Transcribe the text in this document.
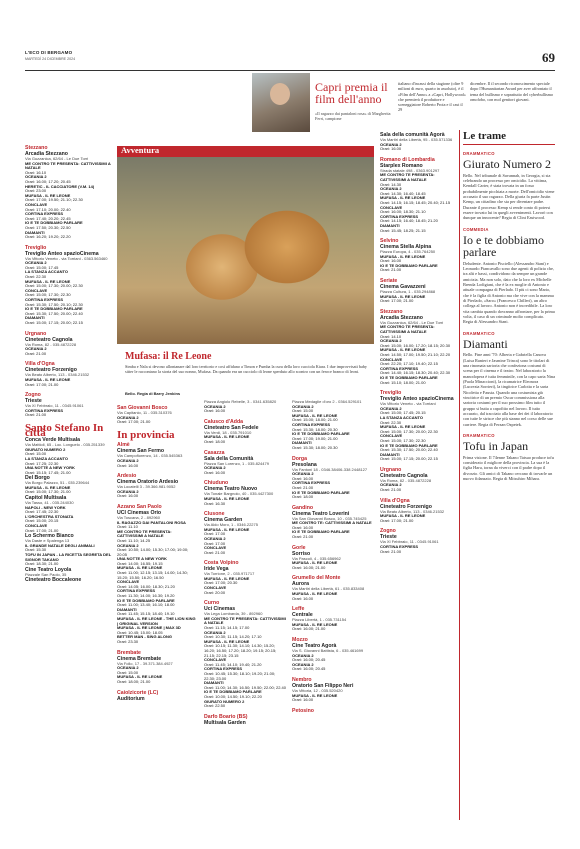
L'ECO DI BERGAMO
MARTEDÌ 24 DICEMBRE 2024	69
Capri premia il film dell'anno
«Il ragazzo dai pantaloni rosa» di Margherita Ferri, campione
italiano d'incassi della stagione (oltre 9 milioni di euro, quarto in assoluto), è il «Film dell'Anno» a «Capri, Hollywood» che premierà il produttore e sceneggiatore Roberto Proia e il cast il 29
dicembre. Il il secondo riconoscimento speciale dopo l'Humanitarian Award per aver affrontato il tema del bullismo e soprattutto del cyberbullismo omofobo, con mol genitori giovani.
Stezzano
Arcadia Stezzano
Via Guzzanica, 62/64 - Le Due Torri
ME CONTRO TE PRESENTA: CATTIVISSIMI A NATALE
Orari: 16.10
OCEANIA 2
Orari: 16.00; 17.20; 20.45
HERETIC - IL CACCIATORE (V.M. 14)
Orari: 23.00
MUFASA - IL RE LEONE
Orari: 17.00; 19.50; 21.10; 22.30
CONCLAVE
Orari: 17.10; 20.00; 22.40
CORTINA EXPRESS
Orari: 17.40; 20.20; 22.45
IO E TE DOBBIAMO PARLARE
Orari: 17.50; 20.30; 22.50
DIAMANTI
Orari: 16.20; 19.20; 22.20
Treviglio
Treviglio Anteo spazioCinema
Via Vittorio Veneto - via Torriani - 0363.563460
OCEANIA 2
Orari: 15.00; 17.45
LA STANZA ACCANTO
Orari: 22.30
MUFASA - IL RE LEONE
Orari: 15.00; 17.30; 20.00; 22.30
CONCLAVE
Orari: 15.00; 17.30; 22.30
CORTINA EXPRESS
Orari: 15.30; 17.50; 20.10; 22.30
IO E TE DOBBIAMO PARLARE
Orari: 15.30; 17.50; 20.00; 22.40
DIAMANTI
Orari: 15.00; 17.15; 20.00; 22.15
Urgnano
Cineteatro Cagnola
Via Roma, 82 - 035.4872228
OCEANIA 2
Orari: 21.00
Villa d'Ogna
Cineteatro Forzenigo
Via Beato Alberto, 113 - 0346.21532
MUFASA - IL RE LEONE
Orari: 17.00; 21.00
Zogno
Trieste
Via XI Febbraio, 11 - 0345.91061
CORTINA EXPRESS
Orari: 21.00
Santo Stefano In città
Conca Verde Multisala
Via Mattioli, 65 - Loc. Longuelo - 035.251339
GIURATO NUMERO 2
Orari: 15.00
LA STANZA ACCANTO
Orari: 17.25; 22.30
UNA NOTTE A NEW YORK
Orari: 15.15; 17.45; 21.00
Del Borgo
Via Borgo Palazzo, 51 - 035.239644
MUFASA - IL RE LEONE
Orari: 15.00; 17.30; 21.00
Capitol Multisala
Via Tasso, 41 - 035.244030
NAPOLI - NEW YORK
Orari: 17.45; 22.30
L'ORCHESTRA STONATA
Orari: 15.00; 20.15
CONCLAVE
Orari: 17.00; 21.00
Lo Schermo Bianco
Via Daste e Spalenga 13
IL GRANDE NATALE DEGLI ANIMALI
Orari: 15.30
TOFU IN JAPAN - LA RICETTA SEGRETA DEL SIGNOR TAKANO
Orari: 18.30; 21.00
Cine Teatro Loyola
Piazzale San Paolo, 35
Cineteatro Boccaleone
Avventura
Mufasa: il Re Leone
Simba e Nala si devono allontanare dal loro territorio e così affidano a Timon e Pumba la cura della loro cucciola Kiara. I due improvvisati baby sitter le raccontano la storia del suo nonno, Mufasa. Da quando era un cucciolo di leone sperduto allo scontro con un feroce branco di leoni.
Bello. Regia di Barry Jenkins
San Giovanni Bosco
Via Capitanio, 11 - 035.310376
OCEANIA 2
Orari: 17.00; 21.00
In provincia
Almè
Cinema San Fermo
Via Campofiorenzo, 14 - 035.545363
OCEANIA 2
Orari: 16.00
Ardesio
Cinema Oratorio Ardesio
Via Locatelli 3 - 39.366.981.9052
OCEANIA 2
Orari: 16.00
Azzano San Paolo
UCI Cinemas Orio
Via Toscana, 2 - 892960
IL RAGAZZO DAI PANTALONI ROSA
Orari: 11.10
ME CONTRO TE PRESENTA: CATTIVISSIMI A NATALE
Orari: 11.10; 14.25
OCEANIA 2
Orari: 10.50; 14.00; 15.30; 17.00; 19.00; 20.05
UNA NOTTE A NEW YORK
Orari: 14.00; 16.55; 19.15
MUFASA - IL RE LEONE
Orari: 11.00; 12.15; 13.15; 14.00; 14.30; 15.20; 15.50; 16.20; 16.50
CONCLAVE
Orari: 14.05; 16.00; 18.30; 21.20
CORTINA EXPRESS
Orari: 11.30; 14.00; 16.30; 19.20
IO E TE DOBBIAMO PARLARE
Orari: 11.00; 13.40; 16.10; 18.00
DIAMANTI
Orari: 11.45; 15.15; 18.40; 19.10
MUFASA - IL RE LEONE - THE LION KING | ORIGINAL VERSION
MUFASA - IL RE LEONE | MAX 3D
Orari: 10.45; 15.00; 18.05
BETTER MAN - SING ALONG
Orari: 23.30
Brembate
Cinema Brembate
Via Follo, 17 - 39.371.384.4927
OCEANIA 2
Orari: 15.00
MUFASA - IL RE LEONE
Orari: 18.00; 21.00
Caiolzicorte (LC)
Auditorium
Piazza Angiolo Rebelle, 3 - 0341.635820
OCEANIA 2
Orari: 16.00
Calusco d'Adda
Cineteatro San Fedele
Via Verdi, 18 - 035.791010
MUFASA - IL RE LEONE
Orari: 18.00
Casazza
Sala della Comunità
Piazza San Lorenzo, 1 - 035.824479
OCEANIA 2
Orari: 16.00
Chiuduno
Cinema Teatro Nuovo
Via Tonale Bargnolo, 40 - 035.4427300
MUFASA - IL RE LEONE
Orari: 16.30
Clusone
Cinema Garden
Via Aldo Moro, 1 - 0346.22275
MUFASA - IL RE LEONE
Orari: 17.00
OCEANIA 2
Orari: 17.00
CONCLAVE
Orari: 21.00
Costa Volpino
Iride Vega
Via Torrione, 2 - 035.971717
MUFASA - IL RE LEONE
Orari: 17.00; 20.30
CONCLAVE
Orari: 20.00
Curno
Uci Cinemas
Via Lega Lombarda, 39 - 892960
ME CONTRO TE PRESENTA: CATTIVISSIMI A NATALE
Orari: 11.15; 14.15; 17.00
OCEANIA 2
Orari: 10.30; 11.15; 14.20; 17.10
MUFASA - IL RE LEONE
Orari: 10.15; 11.30; 14.10; 14.30; 15.20; 16.20; 16.50; 17.20; 18.20; 19.15; 20.15; 21.15; 22.15; 23.15
CONCLAVE
Orari: 11.45; 14.10; 19.40; 21.20
CORTINA EXPRESS
Orari: 10.45; 15.30; 18.10; 19.20; 21.00; 22.30; 23.00
DIAMANTI
Orari: 11.00; 14.30; 16.50; 19.50; 22.00; 22.40
IO E TE DOBBIAMO PARLARE
Orari: 10.00; 14.50; 19.10; 22.20
GIURATO NUMERO 2
Orari: 22.50
Darfo Boario (BS)
Multisala Garden
Piazza Medaglie d'oro 2 - 0364.529101
OCEANIA 2
Orari: 15.00
MUFASA - IL RE LEONE
Orari: 15.00; 18.00; 21.00
CORTINA EXPRESS
Orari: 15.30; 18.00; 20.30
IO E TE DOBBIAMO PARLARE
Orari: 17.00; 19.00; 21.00
DIAMANTI
Orari: 15.30; 18.00; 20.30
Dorga
Presolana
Via Fantoni 18 - 0346.38406-338 2448127
OCEANIA 2
Orari: 16.00
CORTINA EXPRESS
Orari: 21.00
IO E TE DOBBIAMO PARLARE
Orari: 18.00
Gandino
Cinema Teatro Loverini
Via San Giovanni Bosco, 10 - 035.745425
ME CONTRO TE: CATTIVISSIMI A NATALE
Orari: 16.00
IO E TE DOBBIAMO PARLARE
Orari: 21.00
Gorle
Sorriso
Via Pascoli, 4 - 035.656962
MUFASA - IL RE LEONE
Orari: 16.00; 21.00
Grumello del Monte
Aurora
Via Martiri della Libertà, 61 - 035.833408
MUFASA - IL RE LEONE
Orari: 16.00
Leffe
Centrale
Piazza Libertà, 1 - 035.731154
MUFASA - IL RE LEONE
Orari: 16.00; 21.00
Mozzo
Cine Teatro Agorà
Via S. Giovanni Battista, 6 - 035.461699
OCEANIA 2
Orari: 16.00; 20.45
OCEANIA 2
Orari: 16.00; 20.45
Nembro
Oratorio San Filippo Neri
Via Vittoria, 12 - 035.520420
MUFASA - IL RE LEONE
Orari: 16.00
Petosino
Sala della comunità Agorà
Via Martiri della Libertà, 95 - 035.571336
OCEANIA 2
Orari: 16.00
Romano di Lombardia
Starplex Romano
Strada statale 498 - 0363.901297
ME CONTRO TE PRESENTA: CATTIVISSIMI A NATALE
Orari: 14.30
OCEANIA 2
Orari: 14.30; 16.40; 18.45
MUFASA - IL RE LEONE
Orari: 14.15; 16.15; 18.45; 20.40; 21.15
CONCLAVE
Orari: 16.00; 18.30; 21.10
CORTINA EXPRESS
Orari: 14.15; 16.40; 18.45; 21.20
DIAMANTI
Orari: 15.45; 18.25; 21.15
Selvino
Cinema Stella Alpina
Piazza Europa, 4 - 035.764250
MUFASA - IL RE LEONE
Orari: 16.00
IO E TE DOBBIAMO PARLARE
Orari: 21.00
Seriate
Cinema Gavazzeni
Piazza Cultura, 1 - 035.294868
MUFASA - IL RE LEONE
Orari: 17.00; 21.00
Stezzano
Arcadia Stezzano
Via Guzzanica, 62/64 - Le Due Torri
ME CONTRO TE PRESENTA: CATTIVISSIMI A NATALE
Orari: 14.10
OCEANIA 2
Orari: 15.00; 16.00; 17.20; 18.15; 20.30
MUFASA - IL RE LEONE
Orari: 14.50; 17.00; 19.50; 21.10; 22.20
CONCLAVE
Orari: 22.20; 17.10; 19.40; 22.15
CORTINA EXPRESS
Orari: 14.40; 16.15; 18.30; 20.40; 22.30
IO E TE DOBBIAMO PARLARE
Orari: 15.10; 18.00; 21.00
Treviglio
Treviglio Anteo spazioCinema
Via Vittorio Veneto - via Torriani
OCEANIA 2
Orari: 15.00; 17.45; 20.15
LA STANZA ACCANTO
Orari: 22.30
MUFASA - IL RE LEONE
Orari: 15.00; 17.30; 20.00; 22.30
CONCLAVE
Orari: 15.00; 17.30; 22.30
IO E TE DOBBIAMO PARLARE
Orari: 15.30; 17.50; 20.00; 22.40
DIAMANTI
Orari: 15.00; 17.15; 20.00; 22.15
Urgnano
Cineteatro Cagnola
Via Roma, 82 - 035.4872228
OCEANIA 2
Orari: 21.00
Villa d'Ogna
Cineteatro Forzenigo
Via Beato Alberto, 113 - 0346.21532
MUFASA - IL RE LEONE
Orari: 17.00; 21.00
Zogno
Trieste
Via XI Febbraio, 11 - 0345.91061
CORTINA EXPRESS
Orari: 21.00
Le trame
DRAMMATICO
Giurato Numero 2
Bello. Nel tribunale di Savannah, in Georgia, si sta celebrando un processo per omicidio. La vittima, Kendall Carter, è stata trovata in un fosso probabilmente picchiata a morte. Dell'omicidio viene accusato il suo ragazzo. Della giuria fa parte Justin Kemp, un cittadino che sta per diventare padre. Durante il processo Kemp si rende conto di potersi essere trovato lui in quegli avvenimenti. Lavorò con dunque un innocente? Regia di Clint Eastwood.
COMMEDIA
Io e te dobbiamo parlare
Deludente. Antonio Pisciello (Alessandro Siani) e Leonardo Piancavallo sono due agenti di polizia che, tra alti e bassi, condividono da sempre un grande amicizia. Ma non solo, dato che la loro ex Michelle Brenda Lodigiani, che è la ex moglie di Antonio e attuale compagna di Pierlado. Il più ci sono Mario, che è la figlia di Antonio ma che vive con la mamma di Pierlado, «Saro» (Francesco Chilleri), un altro collega al lavoro. Antonio non è incredibile. La loro vita cambia quando dovranno affrontare, per la prima volta, il caso di un criminale molto complicato. Regia di Alessandro Siani.
DRAMMATICO
Diamanti
Bello. Fine anni '70: Alberta e Gabriella Canova (Luisa Ranieri e Jasmine Trinca) sono le titolari di una rinomata sartoria che confeziona costumi di scena per il cinema e il teatro. Nel laboratorio la manodopera è tutta femminile, con la capo sarta Nina (Paola Minaccioni), la ricamatrice Eleonora (Lucrezia Sorrieri), la tingitrice Carlotta e la sarta Nicoletta e Fausta. Quando una costumista già vincitrice di un premio Oscar commissiona alla sartoria costumi per il suo prossimo film tutto il gruppo si butta a capofitto nel lavoro. Il tutto accurato, dal tracciato alla base dei dei il laboratorio con tutte le strisce che più stanno nel corso delle sue carriere. Regia di Ferzan Ozpetek.
DRAMMATICO
Tofu in Japan
Prima visione. Il 74enne Takano Tatsuo produce tofu considerato il migliore della provincia. La sua è la figlia Haru, torna da viverci con il padre dopo il divorzio. Gli amici di Takano cercano di trovarle un nuovo fidanzato. Regia di Mitsuhiro Mihara.
